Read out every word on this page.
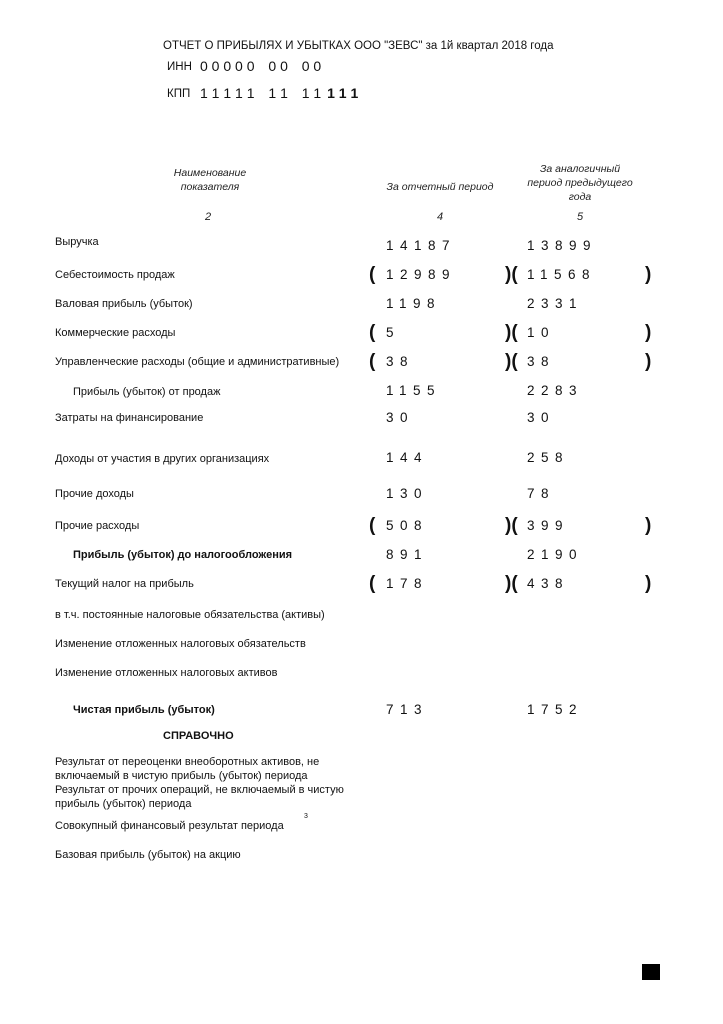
ОТЧЕТ О ПРИБЫЛЯХ И УБЫТКАХ ООО "ЗЕВС" за 1й квартал 2018 года
ИНН 0 0 0 0 0 0 0 0 0
КПП 1 1 1 1 1 1 1 1 1 1 1 1
Наименование
показателя	За отчетный период
За аналогичный
период предыдущего
года
2	4	5
Выручка	14187	13899
Себестоимость продаж	( 12989	)( 11568	)
Валовая прибыль (убыток)	1198	2331
Коммерческие расходы	( 5	)( 10	)
Управленческие расходы (общие и административные) ( 38	)( 38	)
Прибыль (убыток) от продаж	1155	2283
Затраты на финансирование	30	30
Доходы от участия в других организациях	144	258
Прочие доходы	130	78
Прочие расходы	( 508	)( 399	)
Прибыль (убыток) до налогообложения	891	2190
Текущий налог на прибыль	( 178	)( 438	)
в т.ч. постоянные налоговые обязательства (активы)
Изменение отложенных налоговых обязательств
Изменение отложенных налоговых активов
Чистая прибыль (убыток)	713	1752
СПРАВОЧНО
Результат от переоценки внеоборотных активов, не
включаемый в чистую прибыль (убыток) периода
Результат от прочих операций, не включаемый в чистую
прибыль (убыток) периода
3
Совокупный финансовый результат периода
Базовая прибыль (убыток) на акцию
